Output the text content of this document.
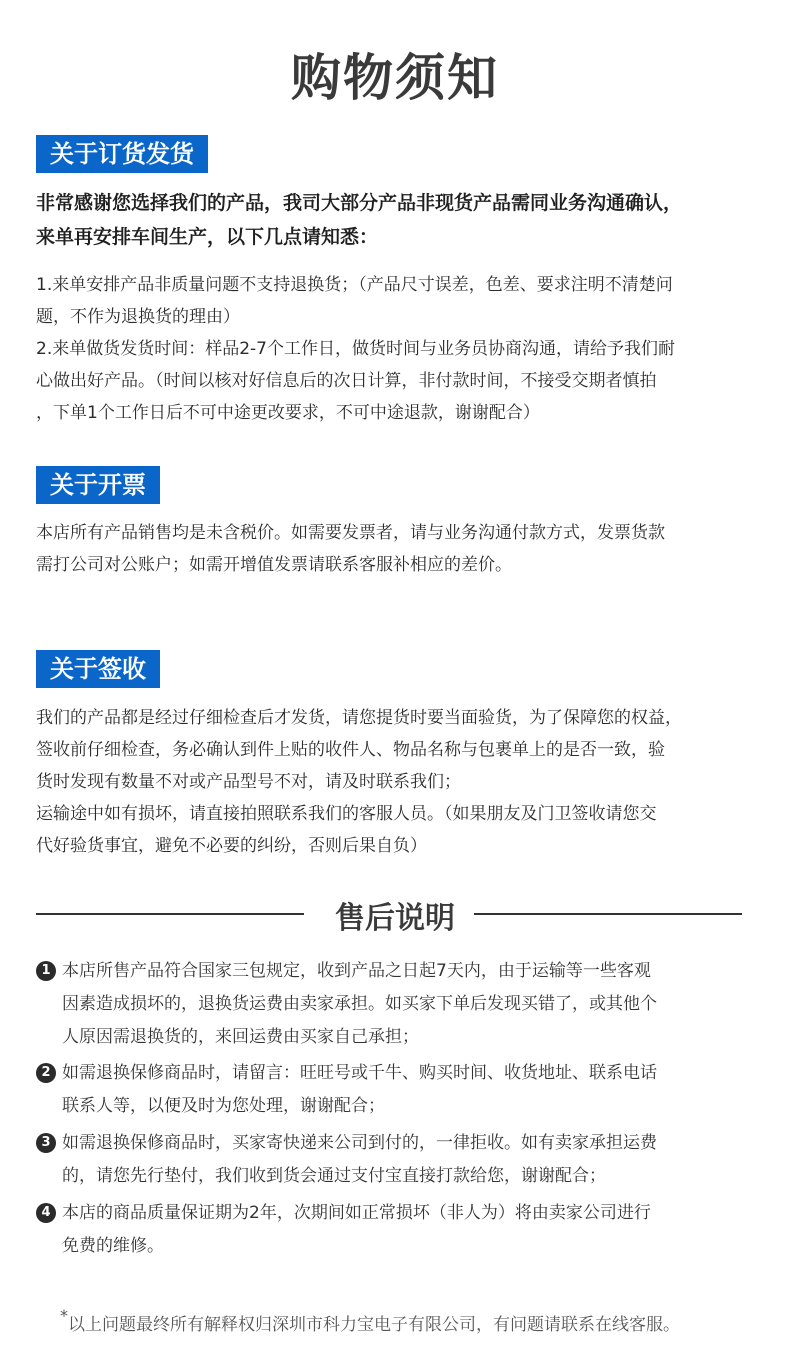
购物须知
关于订货发货

非常感谢您选择我们的产品，我司大部分产品非现货产品需同业务沟通确认，

来单再安排车间生产，以下几点请知悉：

1.来单安排产品非质量问题不支持退换货；（产品尺寸误差，色差、要求注明不清楚问

题，不作为退换货的理由）

2.来单做货发货时间：样品2-7个工作日，做货时间与业务员协商沟通，请给予我们耐

心做出好产品。（时间以核对好信息后的次日计算，非付款时间，不接受交期者慎拍

，下单1个工作日后不可中途更改要求，不可中途退款，谢谢配合）

关于开票

本店所有产品销售均是未含税价。如需要发票者，请与业务沟通付款方式，发票货款

需打公司对公账户；如需开增值发票请联系客服补相应的差价。

关于签收

我们的产品都是经过仔细检查后才发货，请您提货时要当面验货，为了保障您的权益，

签收前仔细检查，务必确认到件上贴的收件人、物品名称与包裹单上的是否一致，验

货时发现有数量不对或产品型号不对，请及时联系我们；

运输途中如有损坏，请直接拍照联系我们的客服人员。（如果朋友及门卫签收请您交

代好验货事宜，避免不必要的纠纷，否则后果自负）

售后说明
1 本店所售产品符合国家三包规定，收到产品之日起7天内，由于运输等一些客观
因素造成损坏的，退换货运费由卖家承担。如买家下单后发现买错了，或其他个
人原因需退换货的，来回运费由买家自己承担；
2 如需退换保修商品时，请留言：旺旺号或千牛、购买时间、收货地址、联系电话
联系人等，以便及时为您处理，谢谢配合；
3 如需退换保修商品时，买家寄快递来公司到付的，一律拒收。如有卖家承担运费
的，请您先行垫付，我们收到货会通过支付宝直接打款给您，谢谢配合；
4 本店的商品质量保证期为2年，次期间如正常损坏（非人为）将由卖家公司进行
免费的维修。
*以上问题最终所有解释权归深圳市科力宝电子有限公司，有问题请联系在线客服。
